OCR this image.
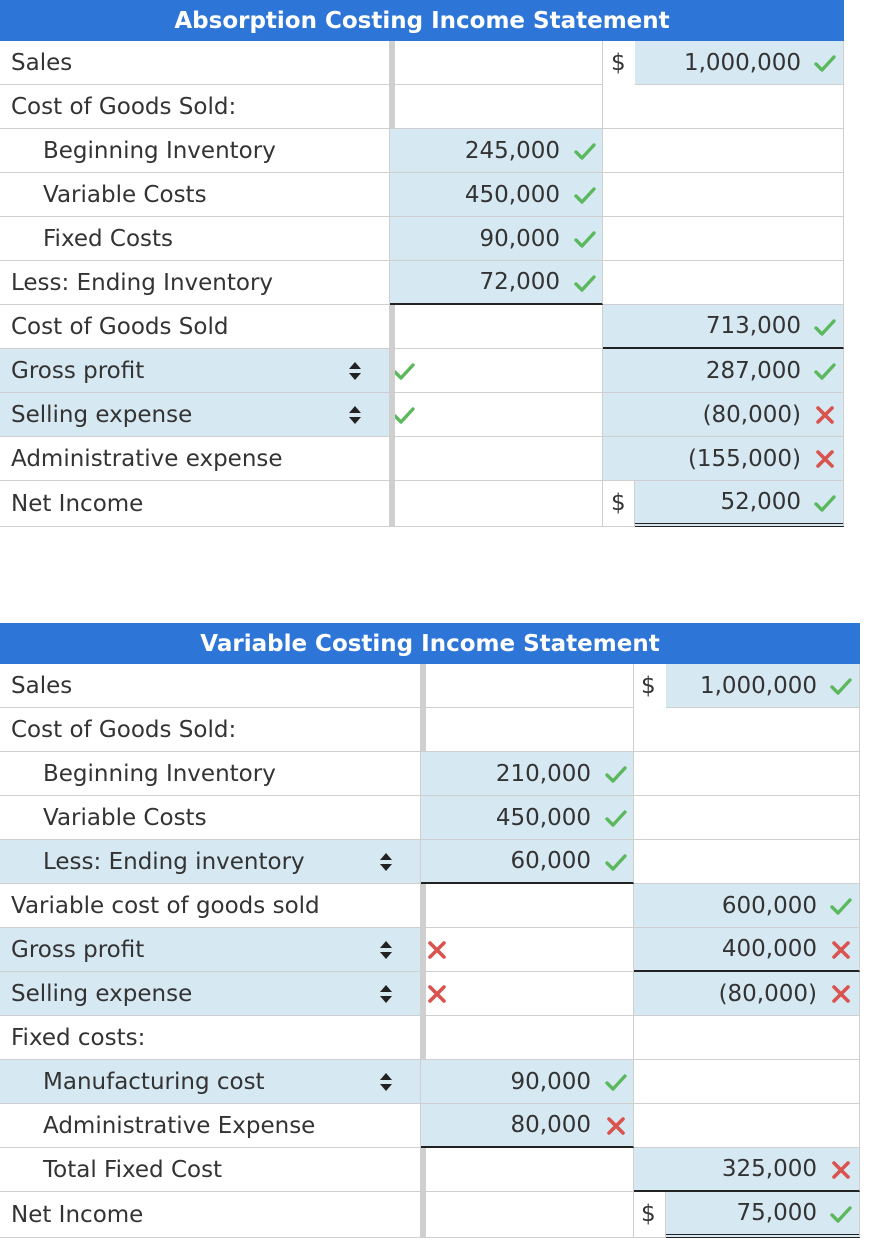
Absorption Costing Income Statement
Sales	$	1,000,000
Cost of Goods Sold:
Beginning Inventory	245,000
Variable Costs	450,000
Fixed Costs	90,000
Less: Ending Inventory	72,000
Cost of Goods Sold	713,000
Gross profit	287,000
Selling expense	(80,000)
Administrative expense	(155,000)
Net Income	$	52,000
Variable Costing Income Statement
Sales	$ 1,000,000
Cost of Goods Sold:
Beginning Inventory	210,000
Variable Costs	450,000
Less: Ending inventory	60,000
Variable cost of goods sold	600,000
Gross profit	400,000
Selling expense	(80,000)
Fixed costs:
Manufacturing cost	90,000
Administrative Expense	80,000
Total Fixed Cost	325,000
Net Income	$	75,000
